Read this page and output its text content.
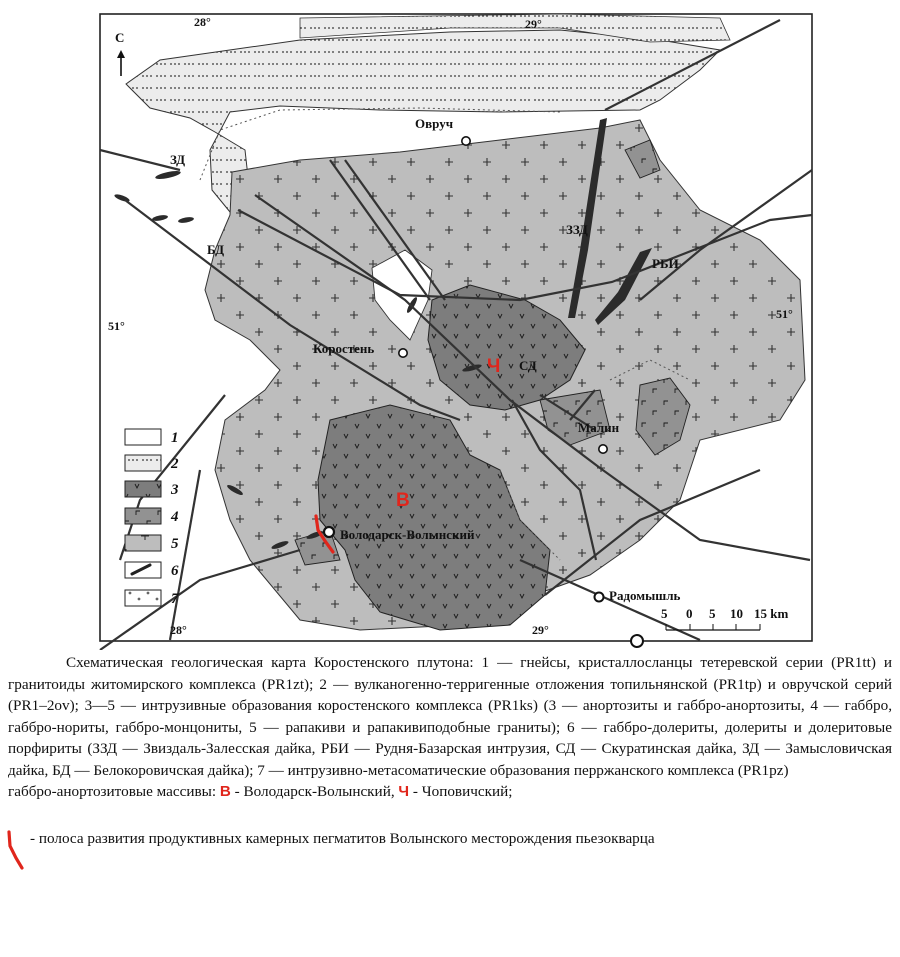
С
28°	29°
51°
51°
28°	29°
Овруч
Коростень
Малин
Володарск-Волынский
Радомышль
ЗД
БД
ЗЗД
РБИ
СД
В
Ч
5 0 5 10 15 km
1
2
3
4
5
6
7

Схематическая геологическая карта Коростенского плутона: 1 — гнейсы, кристаллосланцы тетеревской серии (PR1tt) и гранитоиды житомирского комплекса (PR1zt); 2 — вулканогенно-терригенные отложения топильнянской (PR1tp) и овручской серий (PR1–2ov); 3—5 — интрузивные образования коростенского комплекса (PR1ks) (3 — анортозиты и габбро-анортозиты, 4 — габбро, габбро-нориты, габбро-монцониты, 5 — рапакиви и рапакивиподобные граниты); 6 — габбро-долериты, долериты и долеритовые порфириты (ЗЗД — Звиздаль-Залесская дайка, РБИ — Рудня-Базарская интрузия, СД — Скуратинская дайка, ЗД — Замысловичская дайка, БД — Белокоровичская дайка); 7 — интрузивно-метасоматические образования перржанского комплекса (PR1pz)

габбро-анортозитовые массивы: В - Володарск-Волынский, Ч - Чоповичский;

- полоса развития продуктивных камерных пегматитов Волынского месторождения пьезокварца
